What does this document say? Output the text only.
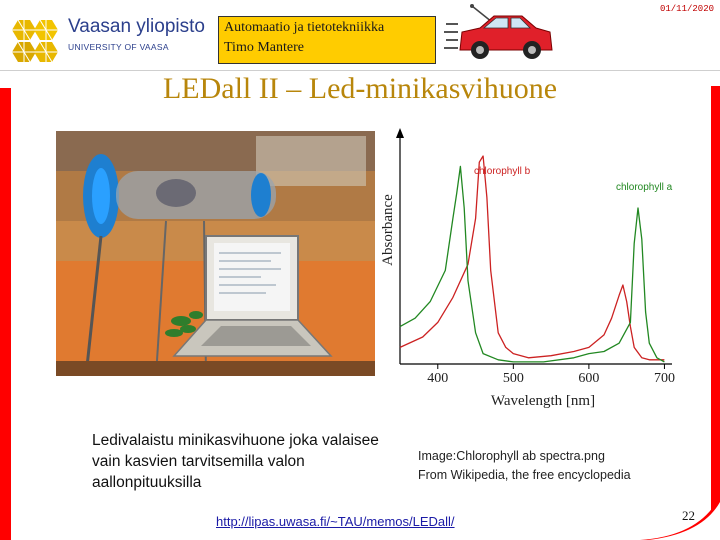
Vaasan yliopisto
UNIVERSITY OF VAASA
Automaatio ja tietotekniikka
Timo Mantere
01/11/2020
LEDall II – Led-minikasvihuone
Absorbance
400	500	600	700
Wavelength [nm]
chlorophyll b
chlorophyll a
Ledivalaistu minikasvihuone joka valaisee vain kasvien tarvitsemilla valon aallonpituuksilla
Image:Chlorophyll ab spectra.png
From Wikipedia, the free encyclopedia
http://lipas.uwasa.fi/~TAU/memos/LEDall/	22
